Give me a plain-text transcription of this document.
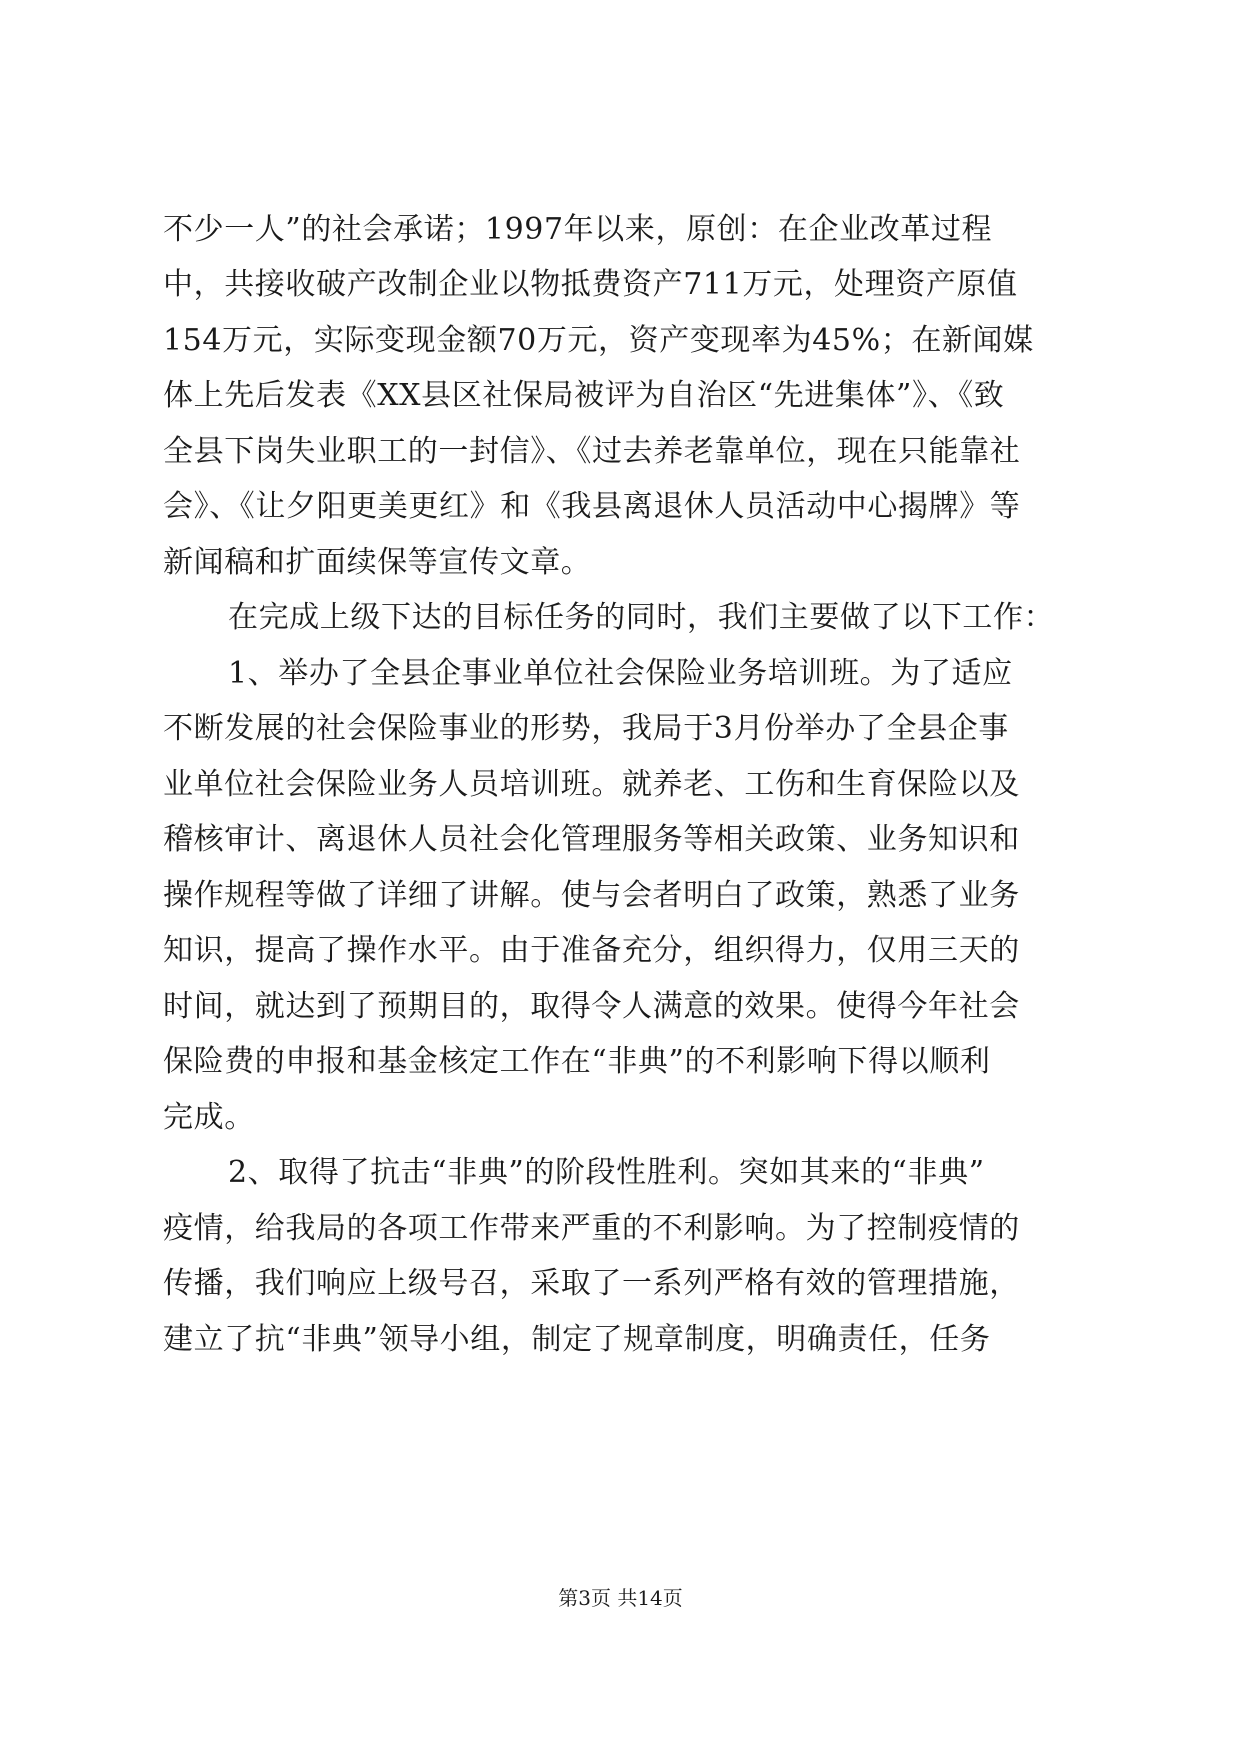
不少一人”的社会承诺；1997年以来，原创：在企业改革过程
中，共接收破产改制企业以物抵费资产711万元，处理资产原值
154万元，实际变现金额70万元，资产变现率为45%；在新闻媒
体上先后发表《XX县区社保局被评为自治区“先进集体”》、《致
全县下岗失业职工的一封信》、《过去养老靠单位，现在只能靠社
会》、《让夕阳更美更红》和《我县离退休人员活动中心揭牌》等
新闻稿和扩面续保等宣传文章。
在完成上级下达的目标任务的同时，我们主要做了以下工作：
1、举办了全县企事业单位社会保险业务培训班。为了适应
不断发展的社会保险事业的形势，我局于3月份举办了全县企事
业单位社会保险业务人员培训班。就养老、工伤和生育保险以及
稽核审计、离退休人员社会化管理服务等相关政策、业务知识和
操作规程等做了详细了讲解。使与会者明白了政策，熟悉了业务
知识，提高了操作水平。由于准备充分，组织得力，仅用三天的
时间，就达到了预期目的，取得令人满意的效果。使得今年社会
保险费的申报和基金核定工作在“非典”的不利影响下得以顺利
完成。
2、取得了抗击“非典”的阶段性胜利。突如其来的“非典”
疫情，给我局的各项工作带来严重的不利影响。为了控制疫情的
传播，我们响应上级号召，采取了一系列严格有效的管理措施，
建立了抗“非典”领导小组，制定了规章制度，明确责任，任务
第3页 共14页
